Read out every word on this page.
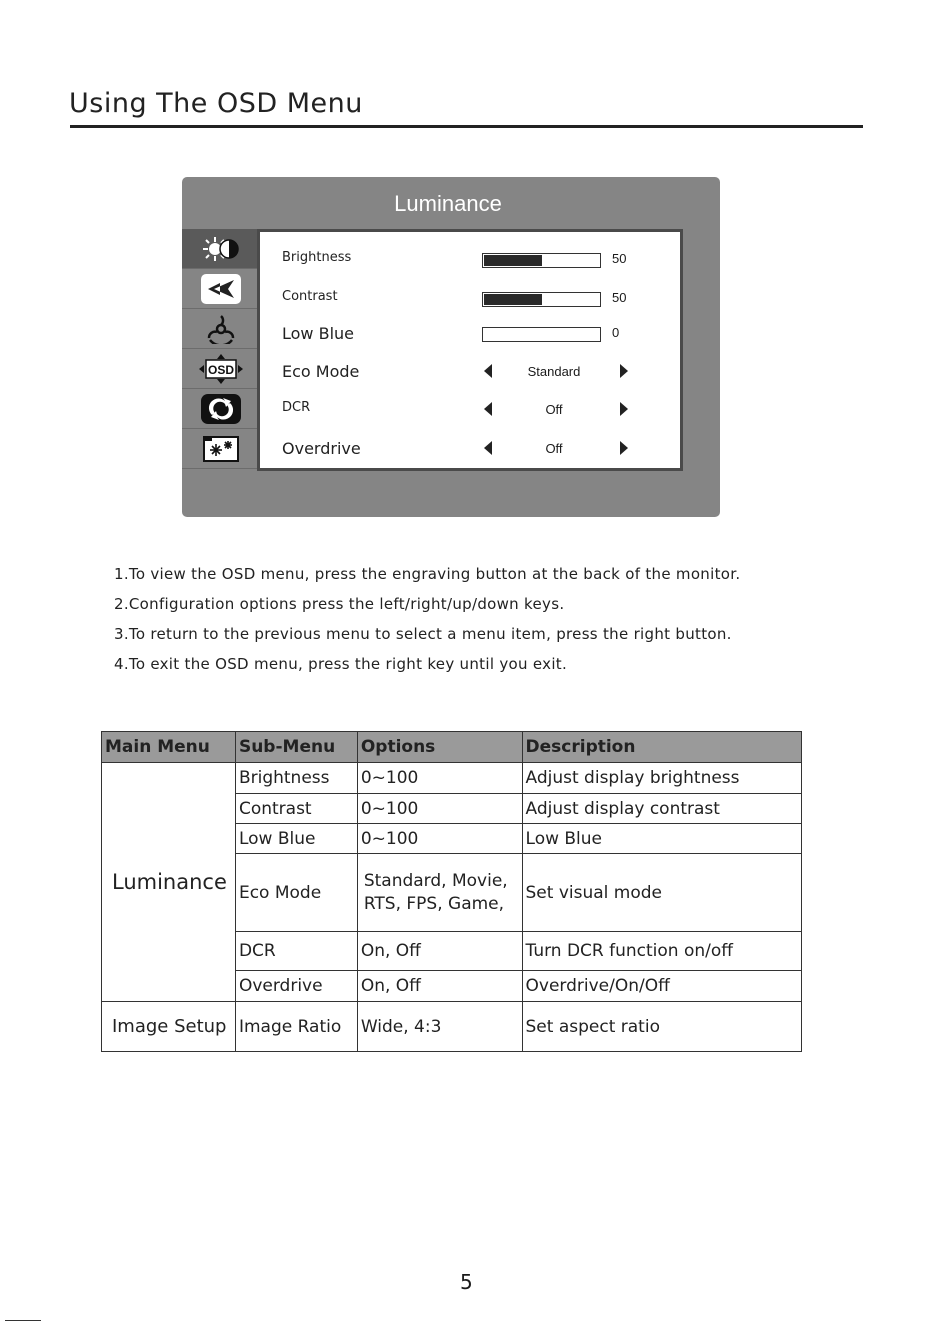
Using The OSD Menu
Luminance
OSD
Brightness	50
Contrast	50
Low Blue	0
Eco Mode	Standard
DCR	Off
Overdrive	Off
1.To view the OSD menu, press the engraving button at the back of the monitor.
2.Configuration options press the left/right/up/down keys.
3.To return to the previous menu to select a menu item, press the right button.
4.To exit the OSD menu, press the right key until you exit.
Main Menu	Sub-Menu	Options	Description
Luminance	Brightness	0~100	Adjust display brightness
	Contrast	0~100	Adjust display contrast
	Low Blue	0~100	Low Blue
	Eco Mode	Standard, Movie, RTS, FPS, Game,	Set visual mode
	DCR	On, Off	Turn DCR function on/off
	Overdrive	On, Off	Overdrive/On/Off
Image Setup	Image Ratio	Wide, 4:3	Set aspect ratio
5
